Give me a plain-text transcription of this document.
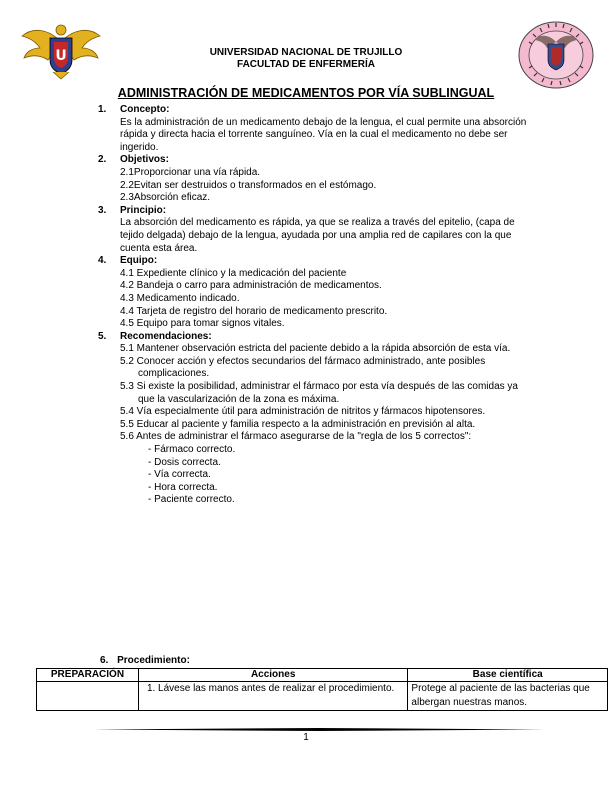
U	UNIVERSIDAD NACIONAL DE TRUJILLO
FACULTAD DE ENFERMERÍA
ADMINISTRACIÓN DE MEDICAMENTOS POR VÍA SUBLINGUAL
1. Concepto:
Es la administración de un medicamento debajo de la lengua, el cual permite una absorción rápida y directa hacia el torrente sanguíneo. Vía en la cual el medicamento no debe ser ingerido.
2. Objetivos:
2.1Proporcionar una vía rápida.
2.2Evitan ser destruidos o transformados en el estómago.
2.3Absorción eficaz.
3. Principio:
La absorción del medicamento es rápida, ya que se realiza a través del epitelio, (capa de tejido delgada) debajo de la lengua, ayudada por una amplia red de capilares con la que cuenta esta área.
4. Equipo:
4.1 Expediente clínico y la medicación del paciente
4.2 Bandeja o carro para administración de medicamentos.
4.3 Medicamento indicado.
4.4 Tarjeta de registro del horario de medicamento prescrito.
4.5 Equipo para tomar signos vitales.
5. Recomendaciones:
5.1 Mantener observación estricta del paciente debido a la rápida absorción de esta vía.
5.2 Conocer acción y efectos secundarios del fármaco administrado, ante posibles complicaciones.
5.3 Si existe la posibilidad, administrar el fármaco por esta vía después de las comidas ya que la vascularización de la zona es máxima.
5.4 Vía especialmente útil para administración de nitritos y fármacos hipotensores.
5.5 Educar al paciente y familia respecto a la administración en previsión al alta.
5.6 Antes de administrar el fármaco asegurarse de la "regla de los 5 correctos":
- Fármaco correcto.
- Dosis correcta.
- Vía correcta.
- Hora correcta.
- Paciente correcto.
6. Procedimiento:
PREPARACIÓN	Acciones	Base científica
	1. Lávese las manos antes de realizar el procedimiento.	Protege al paciente de las bacterias que albergan nuestras manos.
1
